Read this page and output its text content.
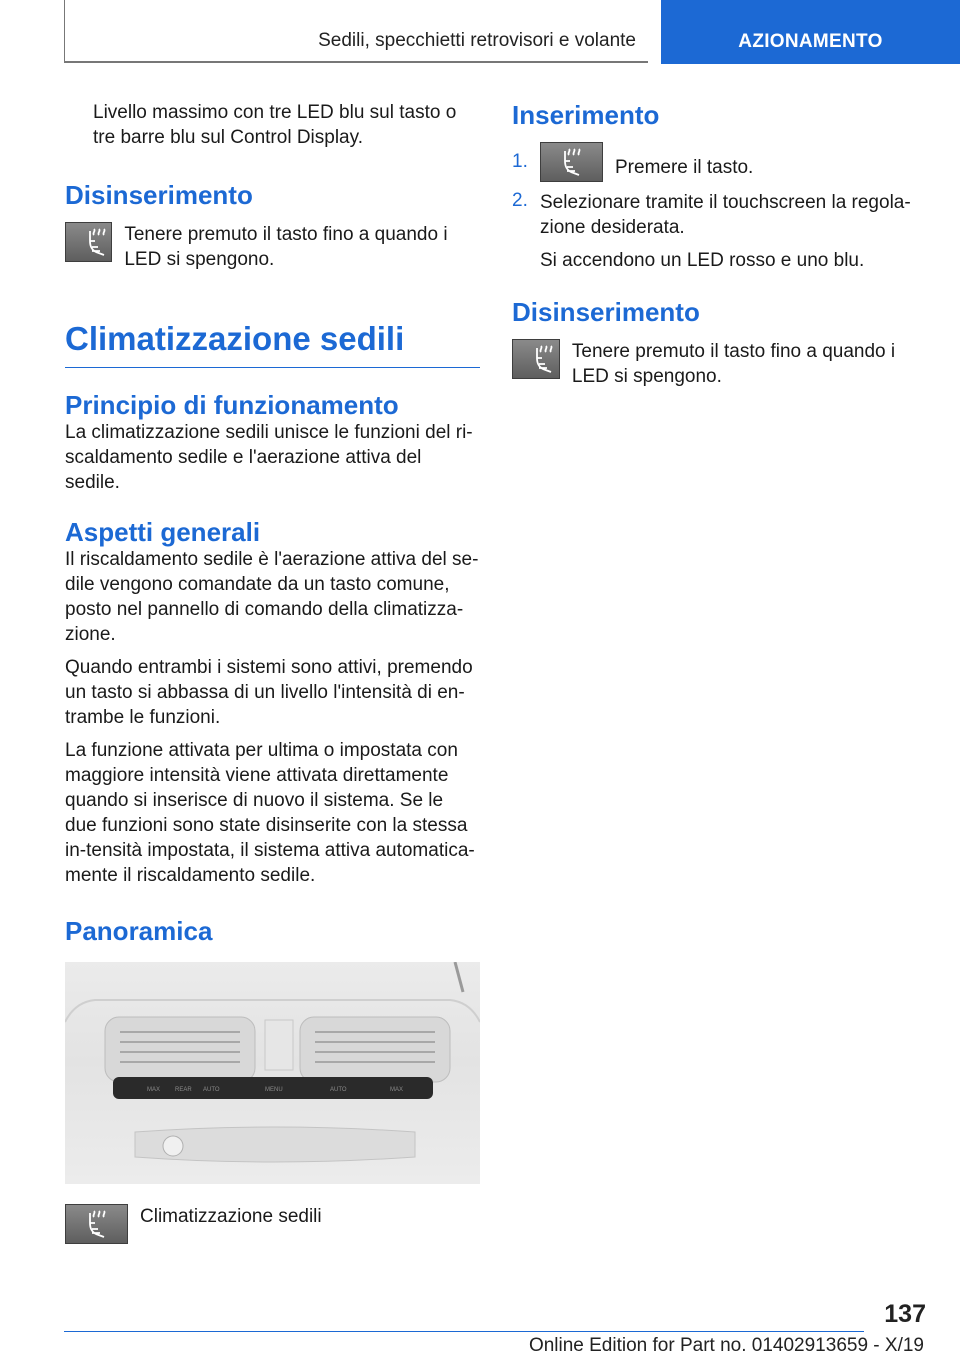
Sedili, specchietti retrovisori e volante	AZIONAMENTO

Livello massimo con tre LED blu sul tasto o tre barre blu sul Control Display.

Disinserimento

Tenere premuto il tasto fino a quando i LED si spengono.

Climatizzazione sedili
Principio di funzionamento

La climatizzazione sedili unisce le funzioni del ri-scaldamento sedile e l'aerazione attiva del sedile.

Aspetti generali

Il riscaldamento sedile è l'aerazione attiva del se-dile vengono comandate da un tasto comune, posto nel pannello di comando della climatizza-zione.

Quando entrambi i sistemi sono attivi, premendo un tasto si abbassa di un livello l'intensità di en-trambe le funzioni.

La funzione attivata per ultima o impostata con maggiore intensità viene attivata direttamente quando si inserisce di nuovo il sistema. Se le due funzioni sono state disinserite con la stessa in-tensità impostata, il sistema attiva automatica-mente il riscaldamento sedile.

Panoramica
MAX REAR AUTO	MENU	AUTO	MAX

Climatizzazione sedili

Inserimento
1.	Premere il tasto.

2. Selezionare tramite il touchscreen la regola-zione desiderata.

Si accendono un LED rosso e uno blu.

Disinserimento

Tenere premuto il tasto fino a quando i LED si spengono.

137
Online Edition for Part no. 01402913659 - X/19
